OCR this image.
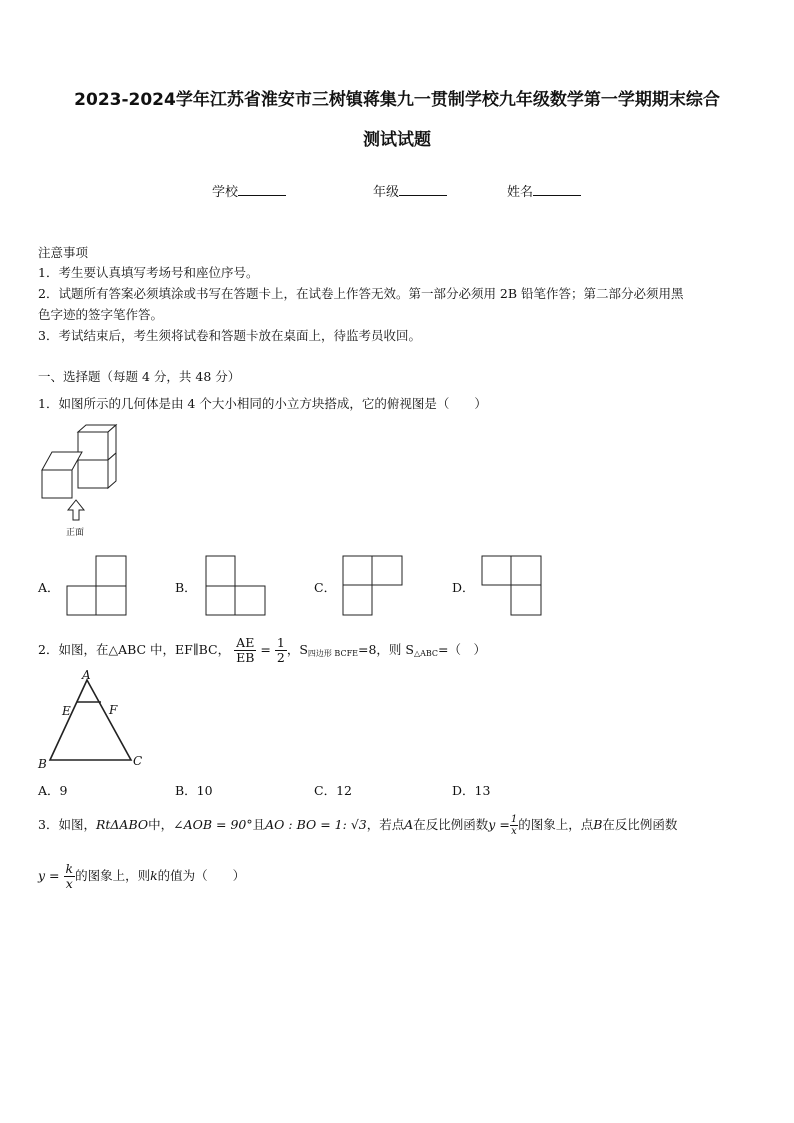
2023-2024学年江苏省淮安市三树镇蒋集九一贯制学校九年级数学第一学期期末综合
测试试题
学校	年级	姓名
注意事项
1．考生要认真填写考场号和座位序号。
2．试题所有答案必须填涂或书写在答题卡上，在试卷上作答无效。第一部分必须用 2B 铅笔作答；第二部分必须用黑
色字迹的签字笔作答。
3．考试结束后，考生须将试卷和答题卡放在桌面上，待监考员收回。
一、选择题（每题 4 分，共 48 分）
1．如图所示的几何体是由 4 个大小相同的小立方块搭成，它的俯视图是（　　）
正面
A．	B．	C．	D．
2．如图，在△ABC 中，EF∥BC， $\frac{AE}{EB} = \frac{1}{2}$ ，$S_{四边形 BCFE}=8$，则 $S_{\triangle ABC}=$（　）
A
E	F
B	C
A．9	B．10	C．12	D．13
3．如图，RtΔABO中，∠AOB = 90°且AO : BO = 1: √3，若点A在反比例函数$y = \frac{1}{x}$ 的图象上，点B在反比例函数
$y = \frac{k}{x}$ 的图象上，则k的值为（　　）
